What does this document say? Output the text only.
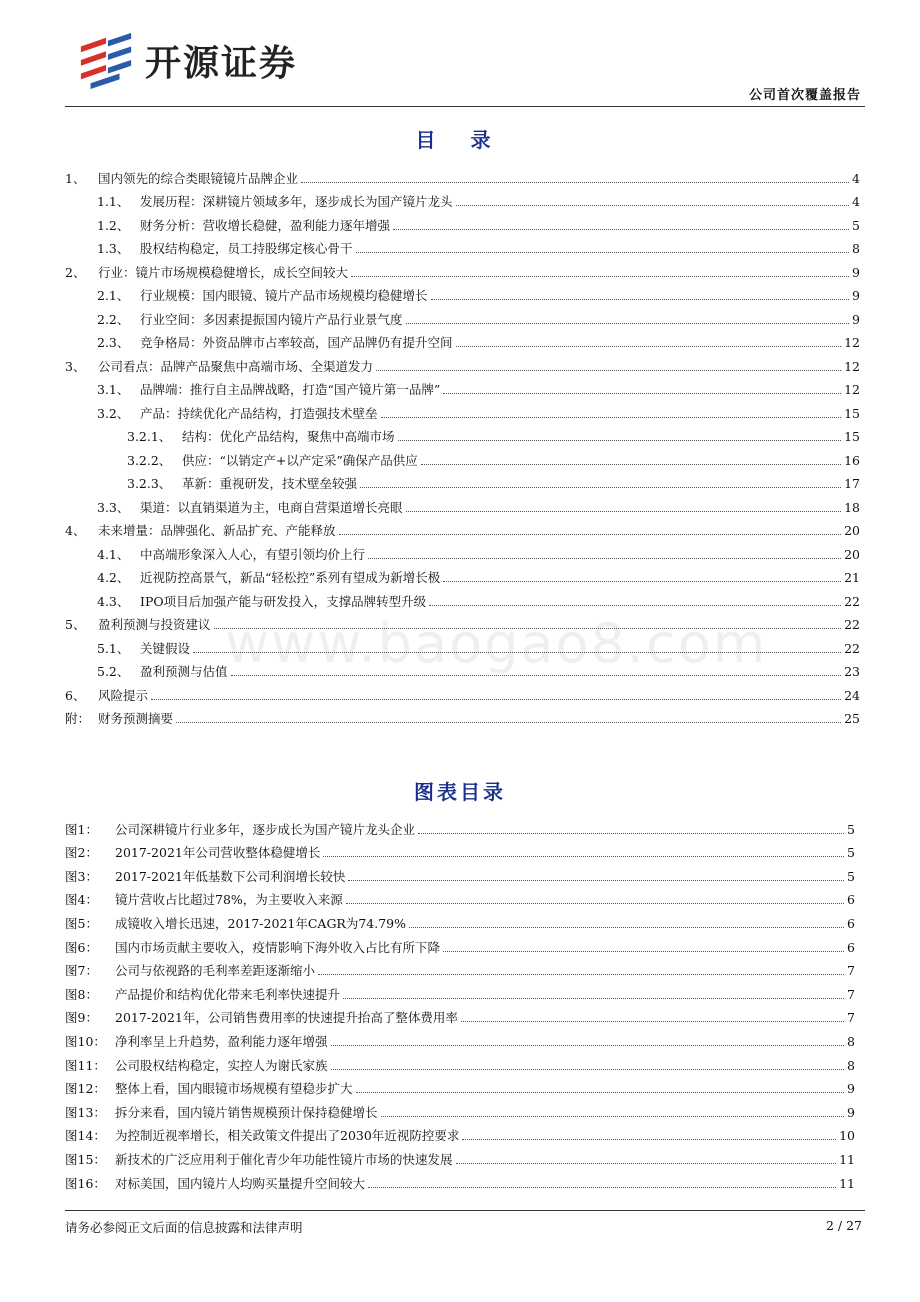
开源证券
公司首次覆盖报告
目 录
1、	国内领先的综合类眼镜镜片品牌企业	4
1.1、 发展历程：深耕镜片领域多年，逐步成长为国产镜片龙头	4
1.2、 财务分析：营收增长稳健，盈利能力逐年增强	5
1.3、 股权结构稳定，员工持股绑定核心骨干	8
2、	行业：镜片市场规模稳健增长，成长空间较大	9
2.1、 行业规模：国内眼镜、镜片产品市场规模均稳健增长	9
2.2、 行业空间：多因素提振国内镜片产品行业景气度	9
2.3、 竞争格局：外资品牌市占率较高，国产品牌仍有提升空间	12
3、	公司看点：品牌产品聚焦中高端市场、全渠道发力	12
3.1、 品牌端：推行自主品牌战略，打造“国产镜片第一品牌”	12
3.2、 产品：持续优化产品结构，打造强技术壁垒	15
3.2.1、 结构：优化产品结构，聚焦中高端市场	15
3.2.2、 供应：“以销定产+以产定采”确保产品供应	16
3.2.3、 革新：重视研发，技术壁垒较强	17
3.3、 渠道：以直销渠道为主，电商自营渠道增长亮眼	18
4、	未来增量：品牌强化、新品扩充、产能释放	20
4.1、 中高端形象深入人心，有望引领均价上行	20
4.2、 近视防控高景气，新品“轻松控”系列有望成为新增长极	21
4.3、 IPO项目后加强产能与研发投入，支撑品牌转型升级	22
5、	盈利预测与投资建议	22
5.1、 关键假设	22
5.2、 盈利预测与估值	23
6、	风险提示	24
附： 财务预测摘要	25
www.baogao8.com
图表目录
图1：	公司深耕镜片行业多年，逐步成长为国产镜片龙头企业	5
图2：	2017-2021年公司营收整体稳健增长	5
图3：	2017-2021年低基数下公司利润增长较快	5
图4：	镜片营收占比超过78%，为主要收入来源	6
图5：	成镜收入增长迅速，2017-2021年CAGR为74.79%	6
图6：	国内市场贡献主要收入，疫情影响下海外收入占比有所下降	6
图7：	公司与依视路的毛利率差距逐渐缩小	7
图8：	产品提价和结构优化带来毛利率快速提升	7
图9：	2017-2021年，公司销售费用率的快速提升抬高了整体费用率	7
图10： 净利率呈上升趋势，盈利能力逐年增强	8
图11： 公司股权结构稳定，实控人为谢氏家族	8
图12： 整体上看，国内眼镜市场规模有望稳步扩大	9
图13： 拆分来看，国内镜片销售规模预计保持稳健增长	9
图14： 为控制近视率增长，相关政策文件提出了2030年近视防控要求	10
图15： 新技术的广泛应用利于催化青少年功能性镜片市场的快速发展	11
图16： 对标美国，国内镜片人均购买量提升空间较大	11
请务必参阅正文后面的信息披露和法律声明	2 / 27
